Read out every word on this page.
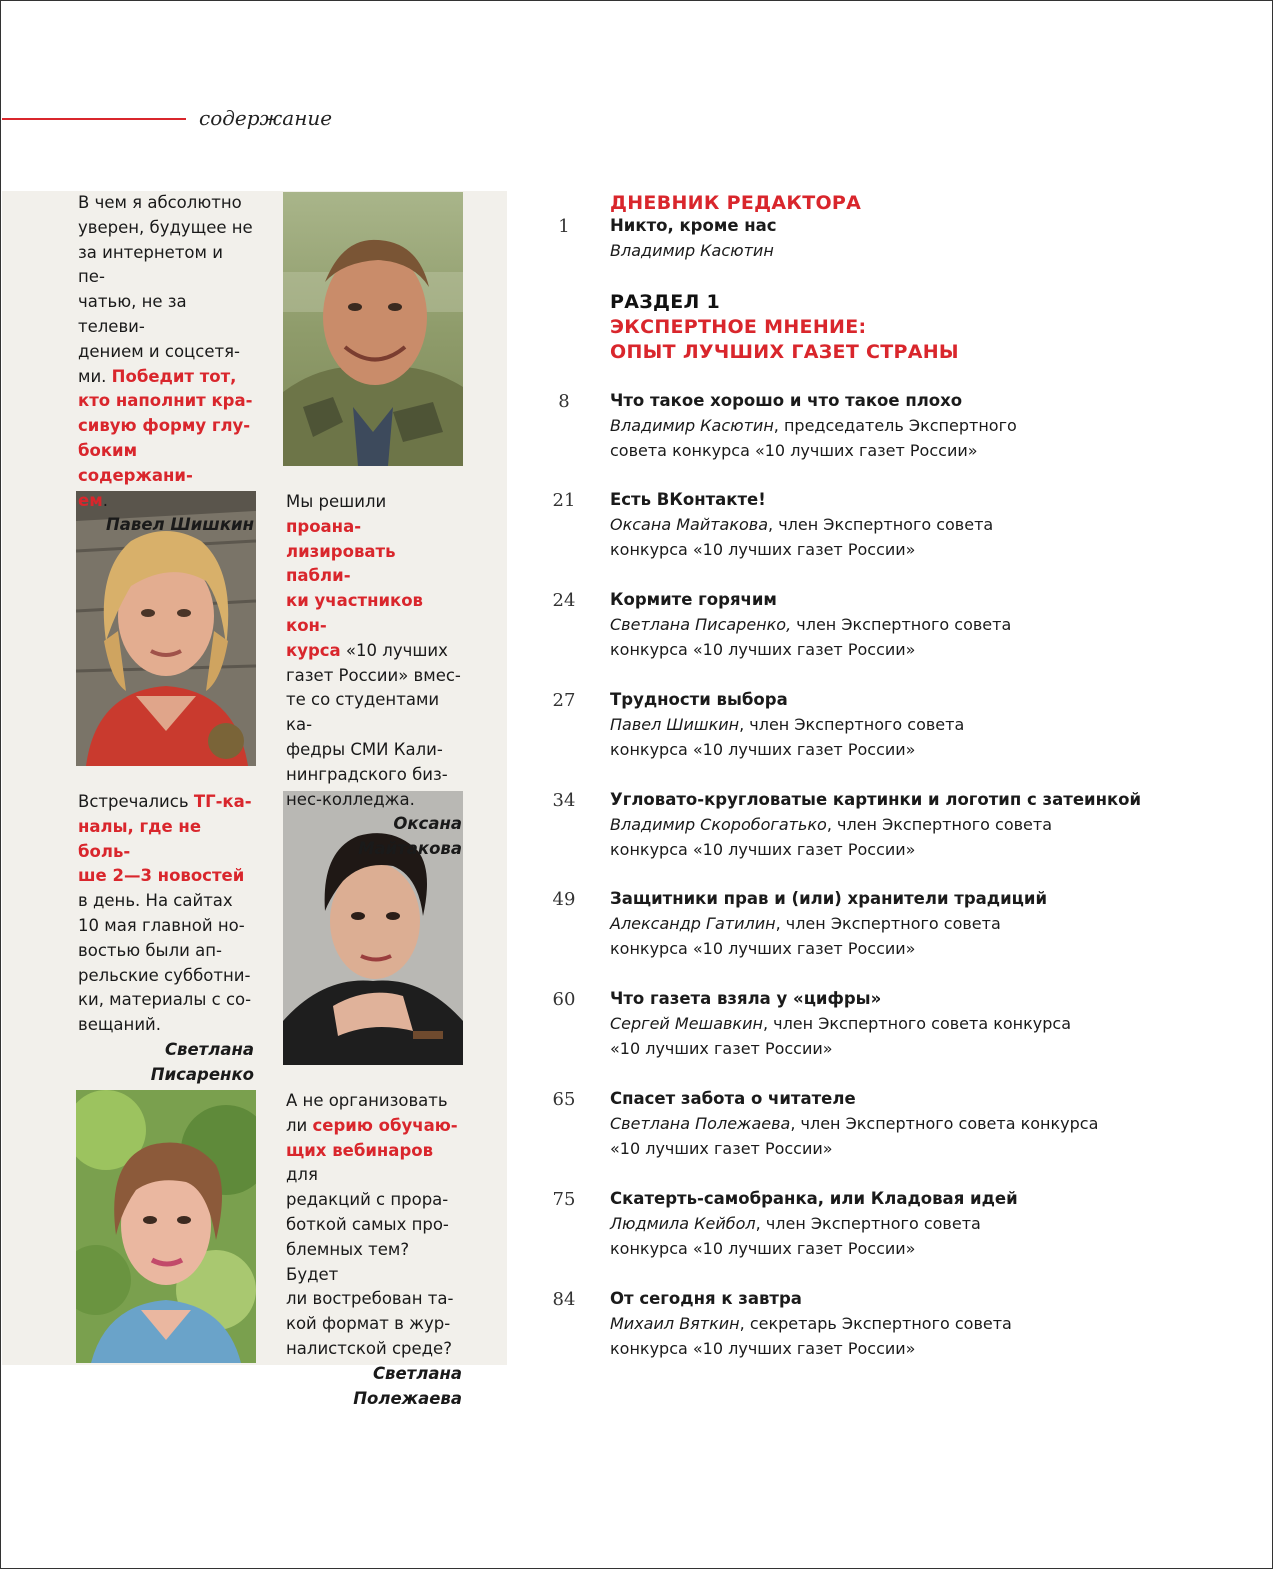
содержание
В чем я абсолютно
уверен, будущее не
за интернетом и пе-
чатью, не за телеви-
дением и соцсетя-
ми. Победит тот,
кто наполнит кра-
сивую форму глу-
боким содержани-
ем.
Павел Шишкин
Мы решили проана-
лизировать пабли-
ки участников кон-
курса «10 лучших
газет России» вмес-
те со студентами ка-
федры СМИ Кали-
нинградского биз-
нес-колледжа.
Оксана
Майтакова
Встречались ТГ-ка-
налы, где не боль-
ше 2—3 новостей
в день. На сайтах
10 мая главной но-
востью были ап-
рельские субботни-
ки, материалы с со-
вещаний.
Светлана
Писаренко
А не организовать
ли серию обучаю-
щих вебинаров для
редакций с прора-
боткой самых про-
блемных тем? Будет
ли востребован та-
кой формат в жур-
налистской среде?
Светлана
Полежаева
ДНЕВНИК РЕДАКТОРА
РАЗДЕЛ 1
ЭКСПЕРТНОЕ МНЕНИЕ:
ОПЫТ ЛУЧШИХ ГАЗЕТ СТРАНЫ
1	Никто, кроме нас
Владимир Касютин
8	Что такое хорошо и что такое плохо
Владимир Касютин, председатель Экспертного
совета конкурса «10 лучших газет России»
21 Есть ВКонтакте!
Оксана Майтакова, член Экспертного совета
конкурса «10 лучших газет России»
24 Кормите горячим
Светлана Писаренко, член Экспертного совета
конкурса «10 лучших газет России»
27 Трудности выбора
Павел Шишкин, член Экспертного совета
конкурса «10 лучших газет России»
34 Угловато-кругловатые картинки и логотип с затеинкой
Владимир Скоробогатько, член Экспертного совета
конкурса «10 лучших газет России»
49 Защитники прав и (или) хранители традиций
Александр Гатилин, член Экспертного совета
конкурса «10 лучших газет России»
60 Что газета взяла у «цифры»
Сергей Мешавкин, член Экспертного совета конкурса
«10 лучших газет России»
65 Спасет забота о читателе
Светлана Полежаева, член Экспертного совета конкурса
«10 лучших газет России»
75 Скатерть-самобранка, или Кладовая идей
Людмила Кейбол, член Экспертного совета
конкурса «10 лучших газет России»
84 От сегодня к завтра
Михаил Вяткин, секретарь Экспертного совета
конкурса «10 лучших газет России»
